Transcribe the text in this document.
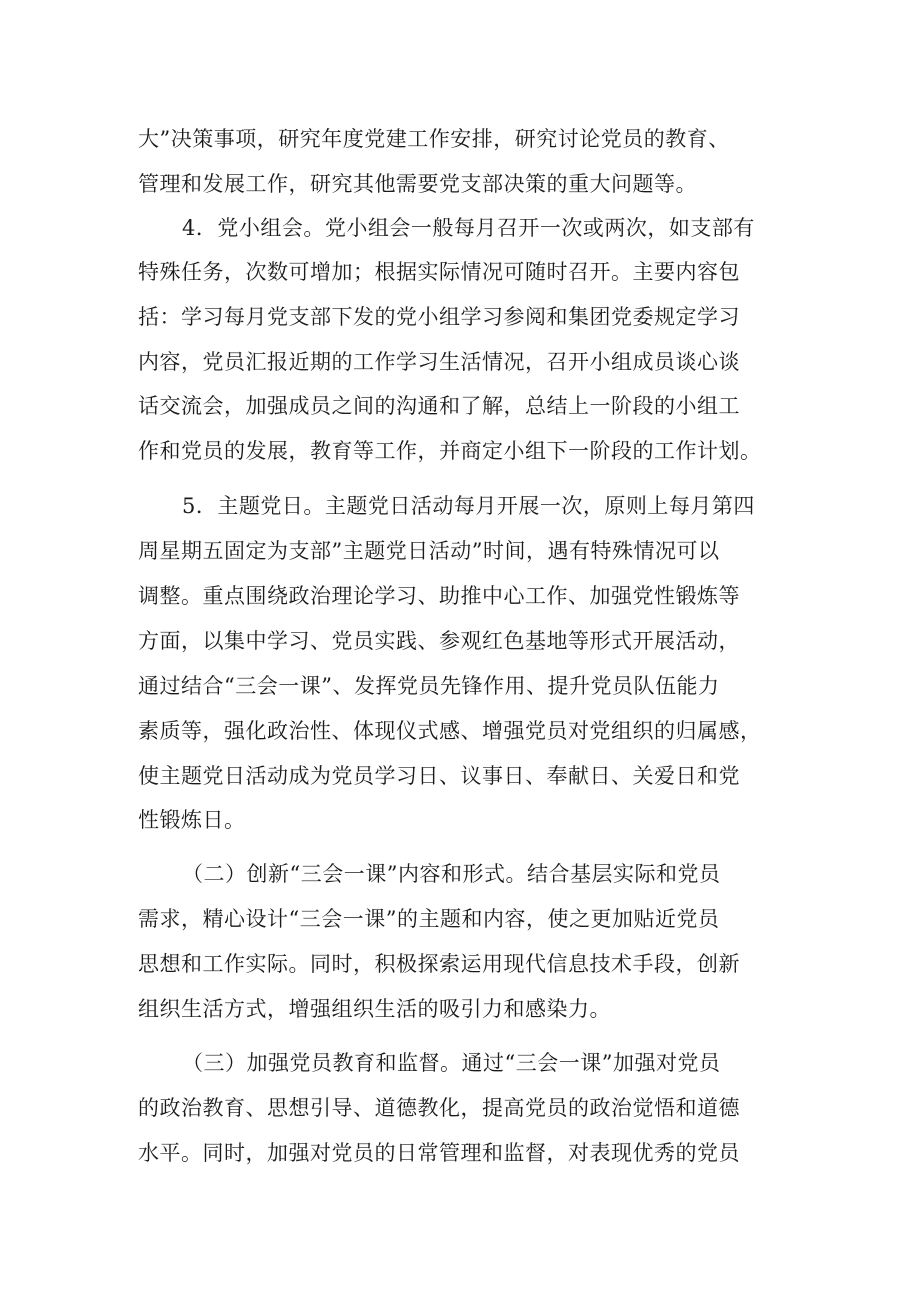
大”决策事项，研究年度党建工作安排，研究讨论党员的教育、

管理和发展工作，研究其他需要党支部决策的重大问题等。

4．党小组会。党小组会一般每月召开一次或两次，如支部有

特殊任务，次数可增加；根据实际情况可随时召开。主要内容包

括：学习每月党支部下发的党小组学习参阅和集团党委规定学习

内容，党员汇报近期的工作学习生活情况，召开小组成员谈心谈

话交流会，加强成员之间的沟通和了解，总结上一阶段的小组工

作和党员的发展，教育等工作，并商定小组下一阶段的工作计划。

5．主题党日。主题党日活动每月开展一次，原则上每月第四

周星期五固定为支部”主题党日活动”时间，遇有特殊情况可以

调整。重点围绕政治理论学习、助推中心工作、加强党性锻炼等

方面，以集中学习、党员实践、参观红色基地等形式开展活动，

通过结合“三会一课”、发挥党员先锋作用、提升党员队伍能力

素质等，强化政治性、体现仪式感、增强党员对党组织的归属感，

使主题党日活动成为党员学习日、议事日、奉献日、关爱日和党

性锻炼日。

（二）创新“三会一课”内容和形式。结合基层实际和党员

需求，精心设计“三会一课”的主题和内容，使之更加贴近党员

思想和工作实际。同时，积极探索运用现代信息技术手段，创新

组织生活方式，增强组织生活的吸引力和感染力。

（三）加强党员教育和监督。通过“三会一课”加强对党员

的政治教育、思想引导、道德教化，提高党员的政治觉悟和道德

水平。同时，加强对党员的日常管理和监督，对表现优秀的党员
